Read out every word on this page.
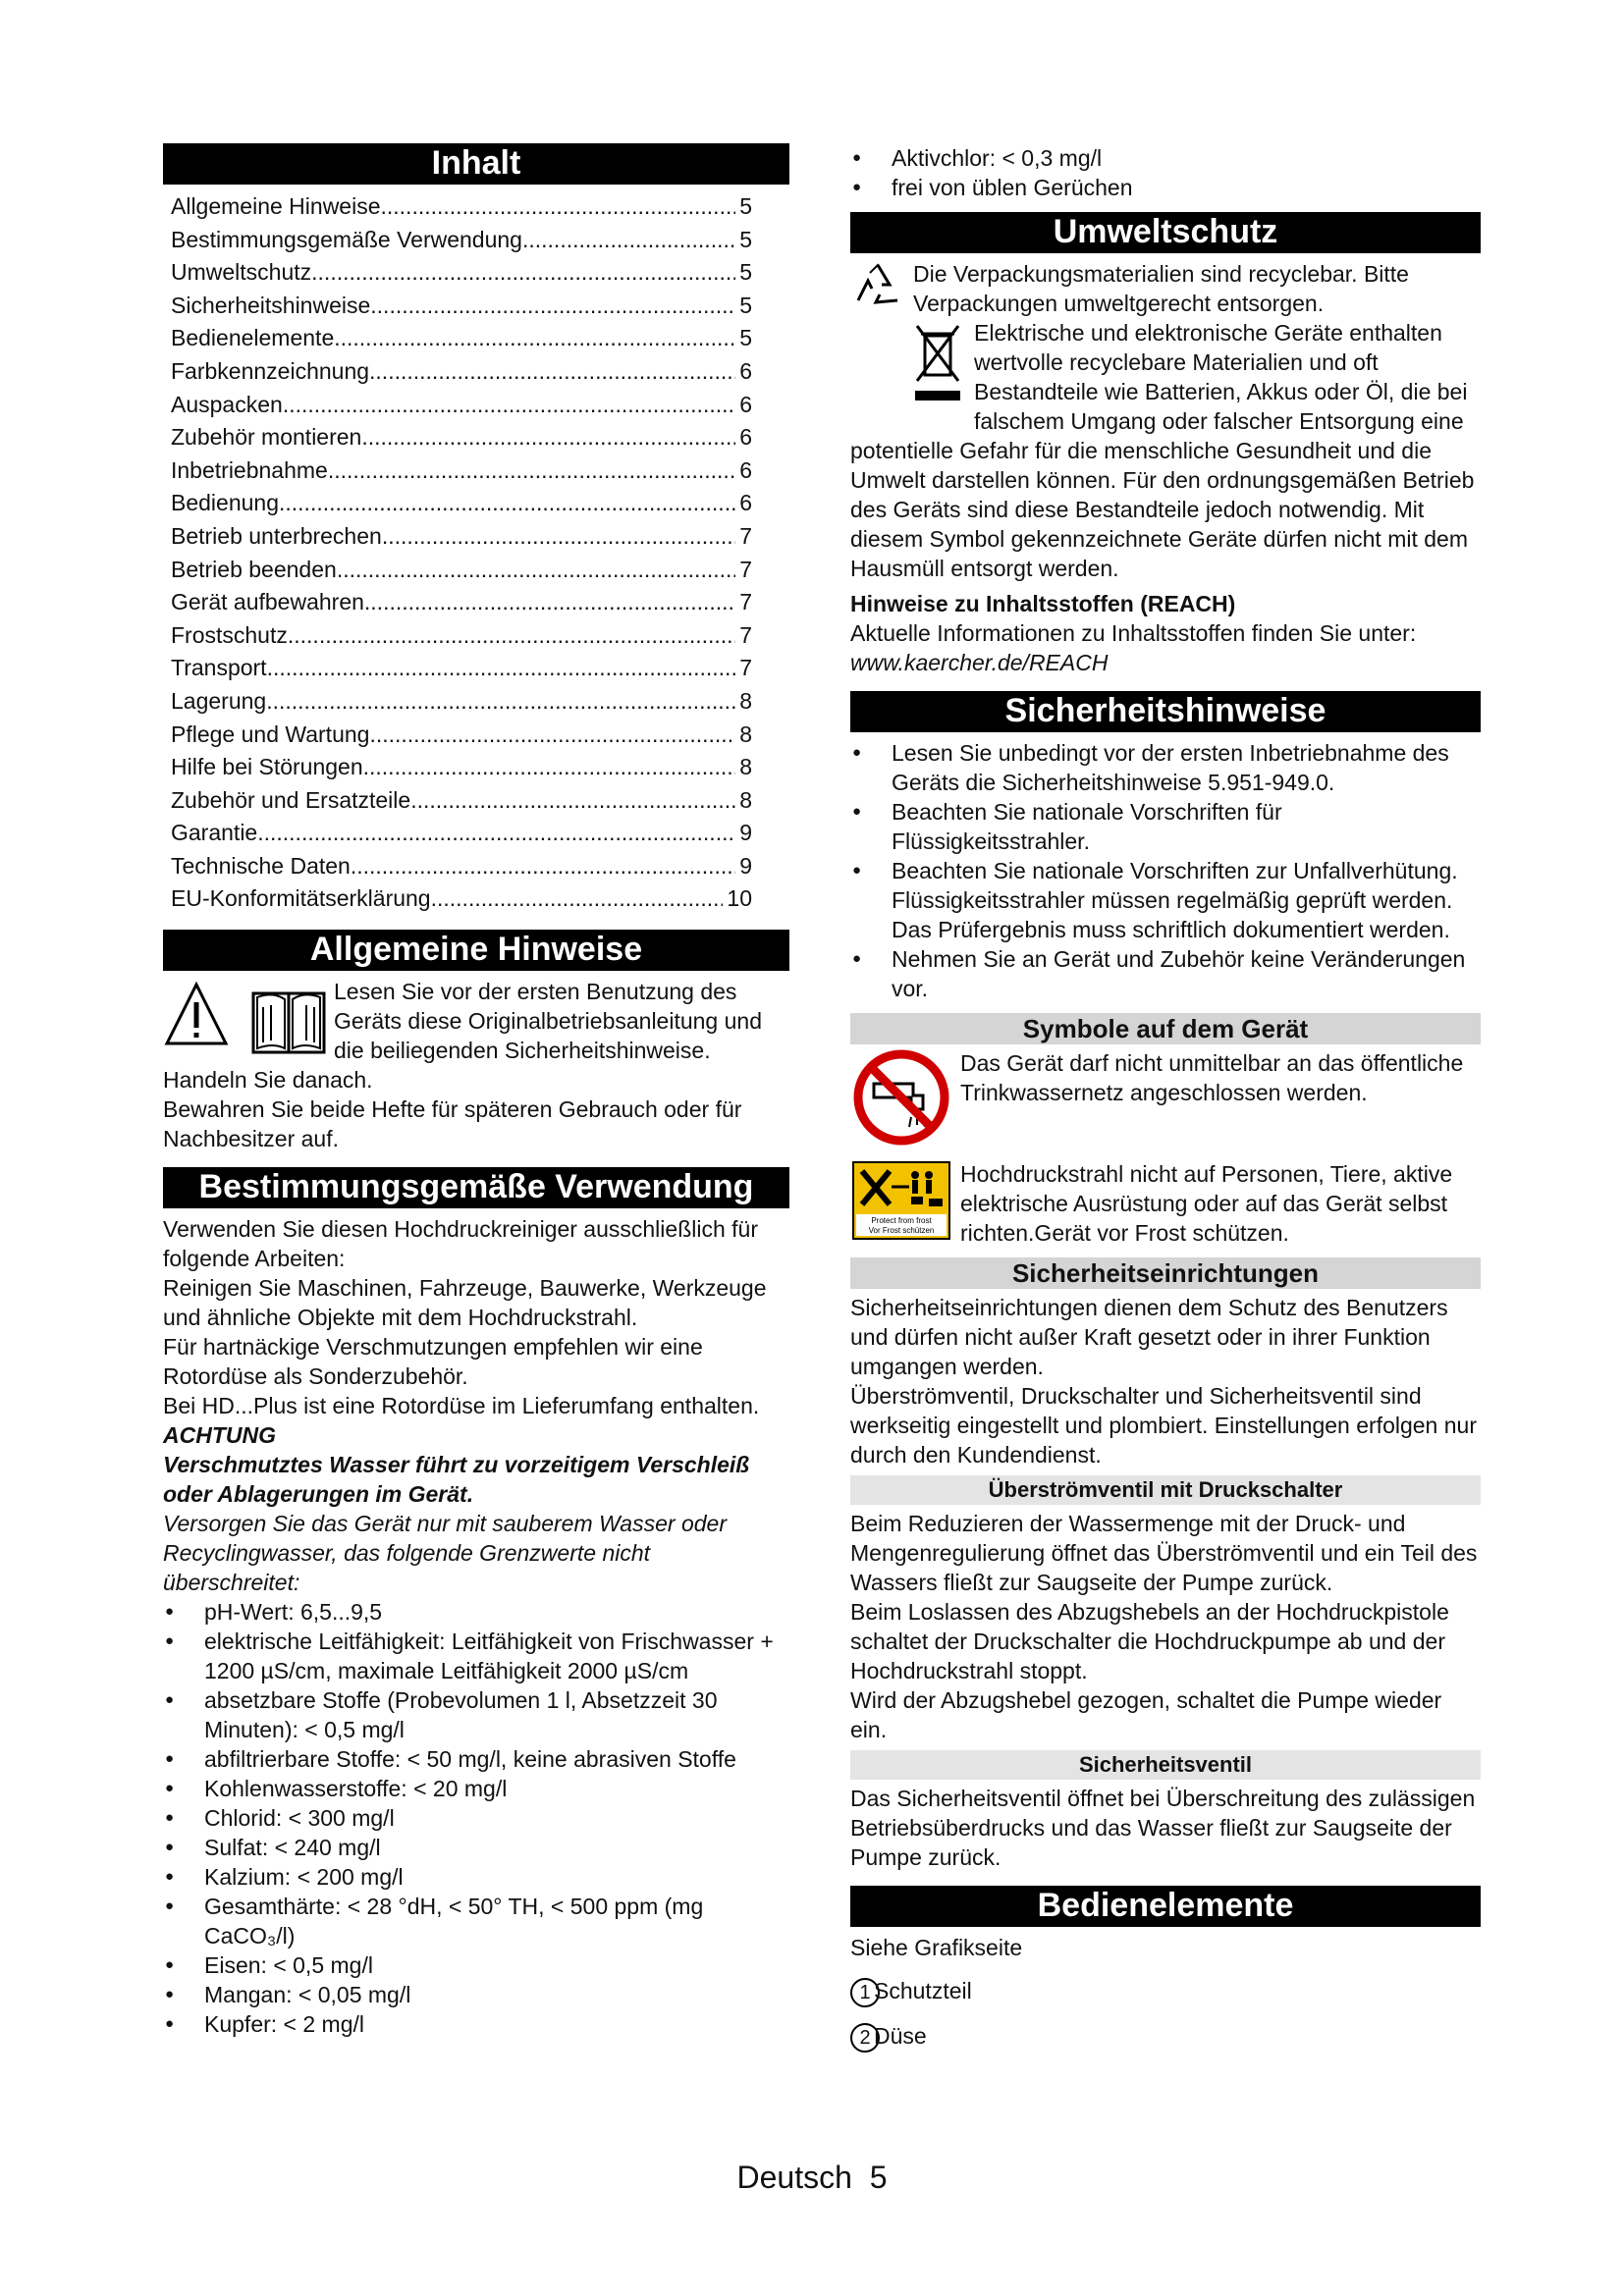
Inhalt
Allgemeine Hinweise .....	5
Bestimmungsgemäße Verwendung .....	5
Umweltschutz .....	5
Sicherheitshinweise .....	5
Bedienelemente .....	5
Farbkennzeichnung .....	6
Auspacken .....	6
Zubehör montieren .....	6
Inbetriebnahme .....	6
Bedienung .....	6
Betrieb unterbrechen .....	7
Betrieb beenden .....	7
Gerät aufbewahren .....	7
Frostschutz .....	7
Transport .....	7
Lagerung .....	8
Pflege und Wartung .....	8
Hilfe bei Störungen .....	8
Zubehör und Ersatzteile .....	8
Garantie .....	9
Technische Daten .....	9
EU-Konformitätserklärung .....	10
Allgemeine Hinweise

Lesen Sie vor der ersten Benutzung des Geräts diese Originalbetriebsanleitung und die beiliegenden Sicherheitshinweise. Handeln Sie danach.

Bewahren Sie beide Hefte für späteren Gebrauch oder für Nachbesitzer auf.

Bestimmungsgemäße Verwendung

Verwenden Sie diesen Hochdruckreiniger ausschließlich für folgende Arbeiten:

Reinigen Sie Maschinen, Fahrzeuge, Bauwerke, Werkzeuge und ähnliche Objekte mit dem Hochdruckstrahl.

Für hartnäckige Verschmutzungen empfehlen wir eine Rotordüse als Sonderzubehör.

Bei HD...Plus ist eine Rotordüse im Lieferumfang enthalten.

ACHTUNG

Verschmutztes Wasser führt zu vorzeitigem Verschleiß oder Ablagerungen im Gerät.

Versorgen Sie das Gerät nur mit sauberem Wasser oder Recyclingwasser, das folgende Grenzwerte nicht überschreitet:

● pH-Wert: 6,5...9,5
● elektrische Leitfähigkeit: Leitfähigkeit von Frischwasser + 1200 µS/cm, maximale Leitfähigkeit 2000 µS/cm
● absetzbare Stoffe (Probevolumen 1 l, Absetzzeit 30 Minuten): < 0,5 mg/l
● abfiltrierbare Stoffe: < 50 mg/l, keine abrasiven Stoffe
● Kohlenwasserstoffe: < 20 mg/l
● Chlorid: < 300 mg/l
● Sulfat: < 240 mg/l
● Kalzium: < 200 mg/l
● Gesamthärte: < 28 °dH, < 50° TH, < 500 ppm (mg CaCO₃/l)
● Eisen: < 0,5 mg/l
● Mangan: < 0,05 mg/l
● Kupfer: < 2 mg/l
● Aktivchlor: < 0,3 mg/l
● frei von üblen Gerüchen
Umweltschutz

Die Verpackungsmaterialien sind recyclebar. Bitte Verpackungen umweltgerecht entsorgen.

Elektrische und elektronische Geräte enthalten wertvolle recyclebare Materialien und oft Bestandteile wie Batterien, Akkus oder Öl, die bei falschem Umgang oder falscher Entsorgung eine potentielle Gefahr für die menschliche Gesundheit und die Umwelt darstellen können. Für den ordnungsgemäßen Betrieb des Geräts sind diese Bestandteile jedoch notwendig. Mit diesem Symbol gekennzeichnete Geräte dürfen nicht mit dem Hausmüll entsorgt werden.

Hinweise zu Inhaltsstoffen (REACH)

Aktuelle Informationen zu Inhaltsstoffen finden Sie unter: www.kaercher.de/REACH

Sicherheitshinweise
● Lesen Sie unbedingt vor der ersten Inbetriebnahme des Geräts die Sicherheitshinweise 5.951-949.0.
● Beachten Sie nationale Vorschriften für Flüssigkeitsstrahler.
● Beachten Sie nationale Vorschriften zur Unfallverhütung. Flüssigkeitsstrahler müssen regelmäßig geprüft werden. Das Prüfergebnis muss schriftlich dokumentiert werden.
● Nehmen Sie an Gerät und Zubehör keine Veränderungen vor.
Symbole auf dem Gerät

Das Gerät darf nicht unmittelbar an das öffentliche Trinkwassernetz angeschlossen werden.

Protect from frost
Vor Frost schützen

Hochdruckstrahl nicht auf Personen, Tiere, aktive elektrische Ausrüstung oder auf das Gerät selbst richten.Gerät vor Frost schützen.

Sicherheitseinrichtungen

Sicherheitseinrichtungen dienen dem Schutz des Benutzers und dürfen nicht außer Kraft gesetzt oder in ihrer Funktion umgangen werden.

Überströmventil, Druckschalter und Sicherheitsventil sind werkseitig eingestellt und plombiert. Einstellungen erfolgen nur durch den Kundendienst.

Überströmventil mit Druckschalter

Beim Reduzieren der Wassermenge mit der Druck- und Mengenregulierung öffnet das Überströmventil und ein Teil des Wassers fließt zur Saugseite der Pumpe zurück.

Beim Loslassen des Abzugshebels an der Hochdruckpistole schaltet der Druckschalter die Hochdruckpumpe ab und der Hochdruckstrahl stoppt.

Wird der Abzugshebel gezogen, schaltet die Pumpe wieder ein.

Sicherheitsventil

Das Sicherheitsventil öffnet bei Überschreitung des zulässigen Betriebsüberdrucks und das Wasser fließt zur Saugseite der Pumpe zurück.

Bedienelemente

Siehe Grafikseite

1 Schutzteil

2 Düse

Deutsch 5
